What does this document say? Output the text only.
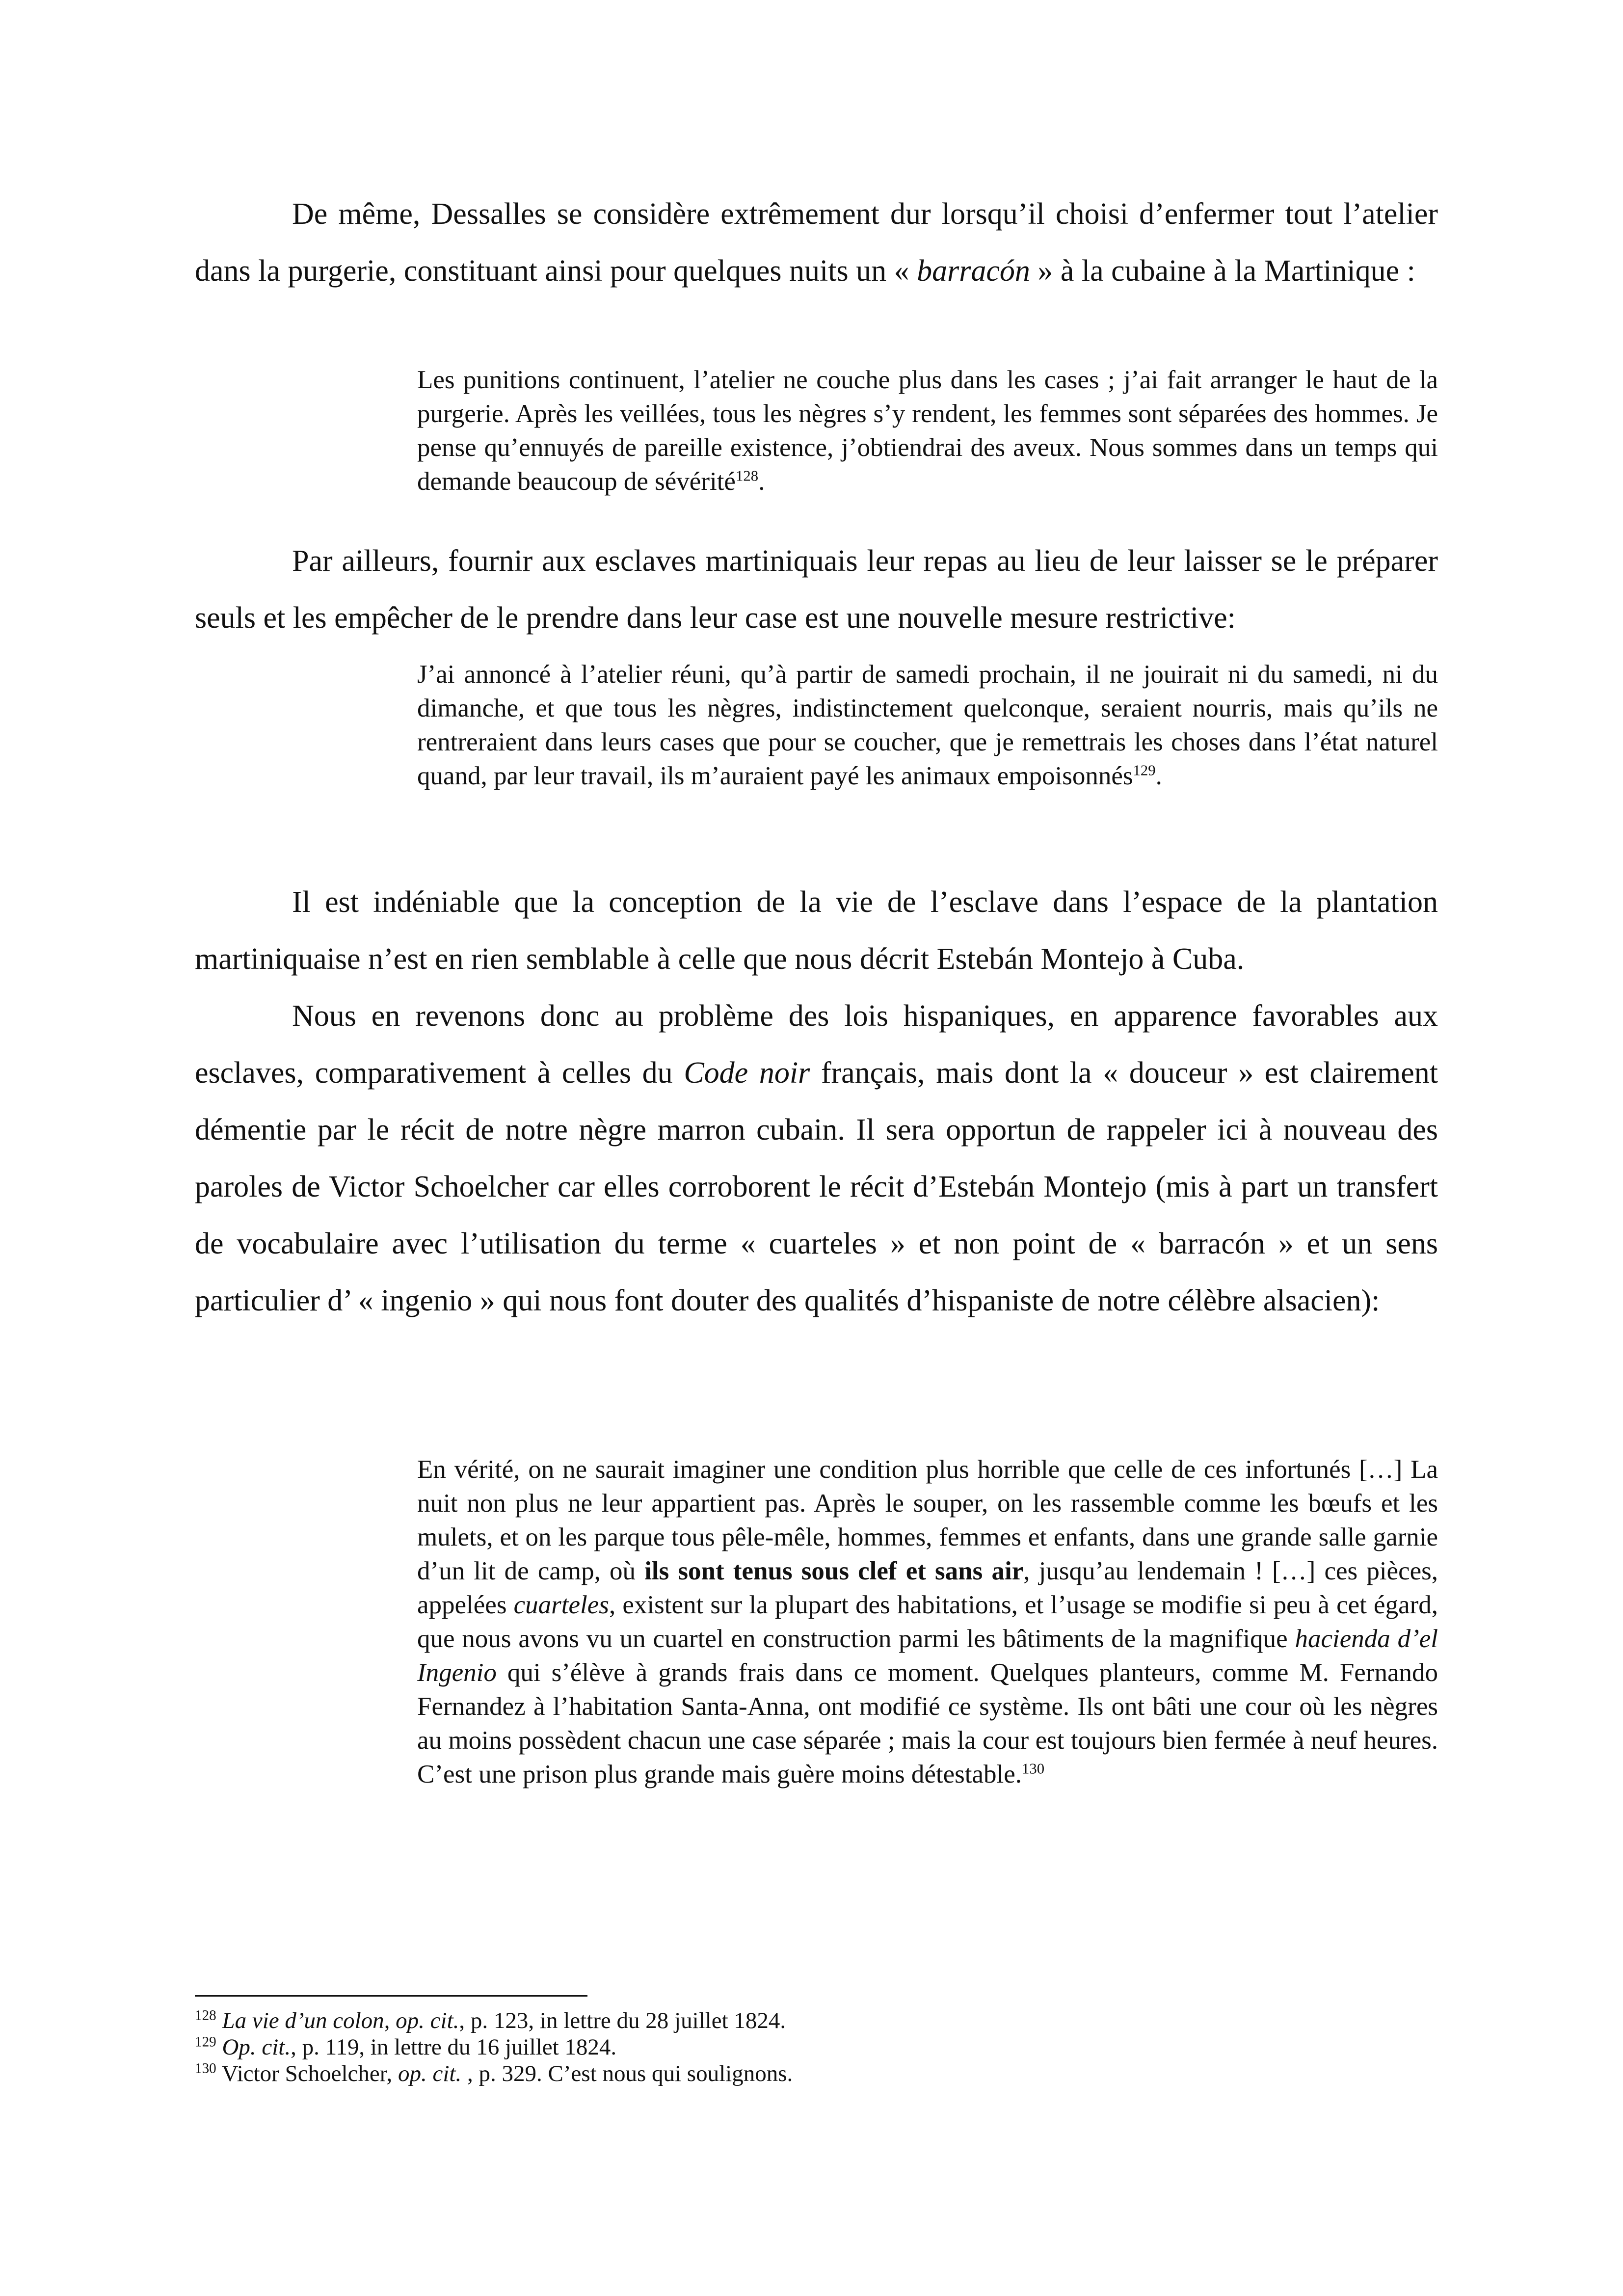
De même, Dessalles se considère extrêmement dur lorsqu’il choisi d’enfermer tout l’atelier dans la purgerie, constituant ainsi pour quelques nuits un « barracón » à la cubaine à la Martinique :

Les punitions continuent, l’atelier ne couche plus dans les cases ; j’ai fait arranger le haut de la purgerie. Après les veillées, tous les nègres s’y rendent, les femmes sont séparées des hommes. Je pense qu’ennuyés de pareille existence, j’obtiendrai des aveux. Nous sommes dans un temps qui demande beaucoup de sévérité$^{128}$.

Par ailleurs, fournir aux esclaves martiniquais leur repas au lieu de leur laisser se le préparer seuls et les empêcher de le prendre dans leur case est une nouvelle mesure restrictive:

J’ai annoncé à l’atelier réuni, qu’à partir de samedi prochain, il ne jouirait ni du samedi, ni du dimanche, et que tous les nègres, indistinctement quelconque, seraient nourris, mais qu’ils ne rentreraient dans leurs cases que pour se coucher, que je remettrais les choses dans l’état naturel quand, par leur travail, ils m’auraient payé les animaux empoisonnés$^{129}$.

Il est indéniable que la conception de la vie de l’esclave dans l’espace de la plantation martiniquaise n’est en rien semblable à celle que nous décrit Estebán Montejo à Cuba.

Nous en revenons donc au problème des lois hispaniques, en apparence favorables aux esclaves, comparativement à celles du Code noir français, mais dont la « douceur » est clairement démentie par le récit de notre nègre marron cubain. Il sera opportun de rappeler ici à nouveau des paroles de Victor Schoelcher car elles corroborent le récit d’Estebán Montejo (mis à part un transfert de vocabulaire avec l’utilisation du terme « cuarteles » et non point de « barracón » et un sens particulier d’ « ingenio » qui nous font douter des qualités d’hispaniste de notre célèbre alsacien):

En vérité, on ne saurait imaginer une condition plus horrible que celle de ces infortunés […] La nuit non plus ne leur appartient pas. Après le souper, on les rassemble comme les bœufs et les mulets, et on les parque tous pêle-mêle, hommes, femmes et enfants, dans une grande salle garnie d’un lit de camp, où ils sont tenus sous clef et sans air, jusqu’au lendemain ! […] ces pièces, appelées cuarteles, existent sur la plupart des habitations, et l’usage se modifie si peu à cet égard, que nous avons vu un cuartel en construction parmi les bâtiments de la magnifique hacienda d’el Ingenio qui s’élève à grands frais dans ce moment. Quelques planteurs, comme M. Fernando Fernandez à l’habitation Santa-Anna, ont modifié ce système. Ils ont bâti une cour où les nègres au moins possèdent chacun une case séparée ; mais la cour est toujours bien fermée à neuf heures. C’est une prison plus grande mais guère moins détestable.$^{130}$

$^{128}$ La vie d’un colon, op. cit., p. 123, in lettre du 28 juillet 1824.

$^{129}$ Op. cit., p. 119, in lettre du 16 juillet 1824.

$^{130}$ Victor Schoelcher, op. cit. , p. 329. C’est nous qui soulignons.
